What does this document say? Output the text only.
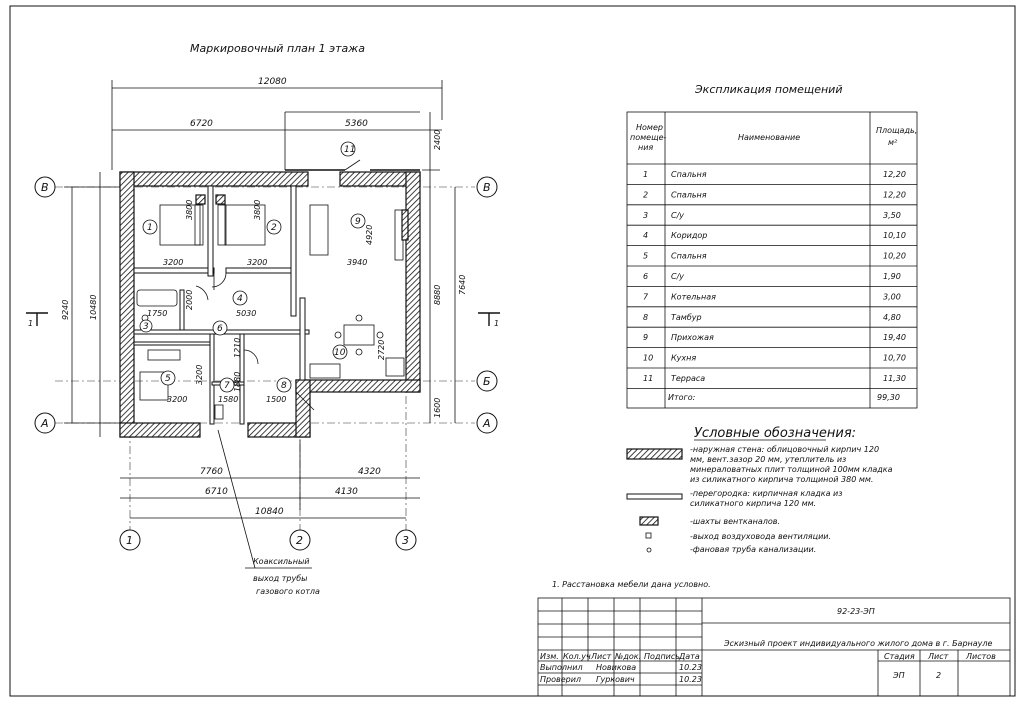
Маркировочный план 1 этажа
12080
6720	5360
11
1	2
3
4
5
6
7	8
9
10
3200	3200	3940
5030
1750
3200	1580	1500
3800	3800
4920
2000
2720
1210
3200	1880
9240 10480
2400
8880 7640
1600
7760	4320
6710	4130
10840
В	В
Б
А	А
1	2	3
1	1
Коаксильный
выход трубы
газового котла
Экспликация помещений
Номер
помеще-
ния
Наименование
Площадь,
м²
1	Спальня	12,20
2	Спальня	12,20
3	С/у	3,50
4	Коридор	10,10
5	Спальня	10,20
6	С/у	1,90
7	Котельная	3,00
8	Тамбур	4,80
9	Прихожая	19,40
10 Кухня	10,70
11 Терраса	11,30
Итого:	99,30
Условные обозначения:
-наружная стена: облицовочный кирпич 120
мм, вент.зазор 20 мм, утеплитель из
минераловатных плит толщиной 100мм кладка
из силикатного кирпича толщиной 380 мм.
-перегородка: кирпичная кладка из
силикатного кирпича 120 мм.
-шахты вентканалов.
-выход воздуховода вентиляции.
-фановая труба канализации.
1. Расстановка мебели дана условно.
92-23-ЭП
Эскизный проект индивидуального жилого дома в г. Барнауле
Изм. Кол.уч Лист №док. Подпись Дата
Выполнил Новикова	10.23
Проверил Гуркович	10.23
Стадия Лист Листов
ЭП	2
